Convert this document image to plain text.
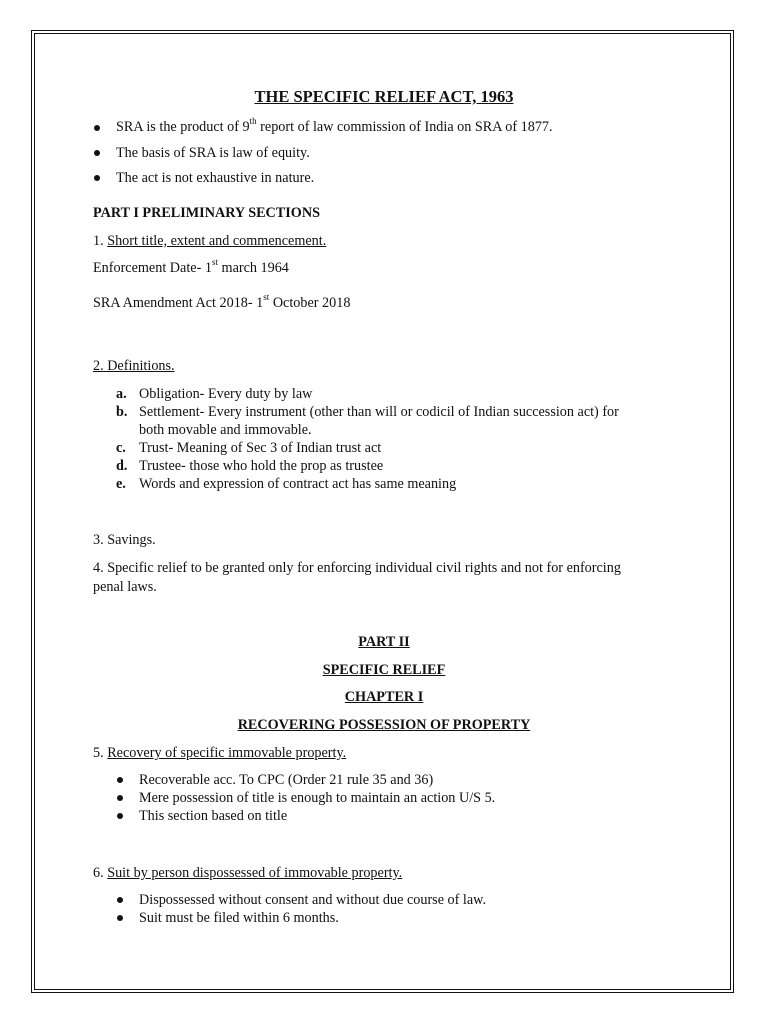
THE SPECIFIC RELIEF ACT, 1963
SRA is the product of 9th report of law commission of India on SRA of 1877.
The basis of SRA is law of equity.
The act is not exhaustive in nature.
PART I PRELIMINARY SECTIONS
1. Short title, extent and commencement.
Enforcement Date- 1st march 1964
SRA Amendment Act 2018- 1st October 2018
2. Definitions.
a. Obligation- Every duty by law
b. Settlement- Every instrument (other than will or codicil of Indian succession act) for
both movable and immovable.
c. Trust- Meaning of Sec 3 of Indian trust act
d. Trustee- those who hold the prop as trustee
e. Words and expression of contract act has same meaning
3. Savings.
4. Specific relief to be granted only for enforcing individual civil rights and not for enforcing
penal laws.
PART II
SPECIFIC RELIEF
CHAPTER I
RECOVERING POSSESSION OF PROPERTY
5. Recovery of specific immovable property.
Recoverable acc. To CPC (Order 21 rule 35 and 36)
Mere possession of title is enough to maintain an action U/S 5.
This section based on title
6. Suit by person dispossessed of immovable property.
Dispossessed without consent and without due course of law.
Suit must be filed within 6 months.
